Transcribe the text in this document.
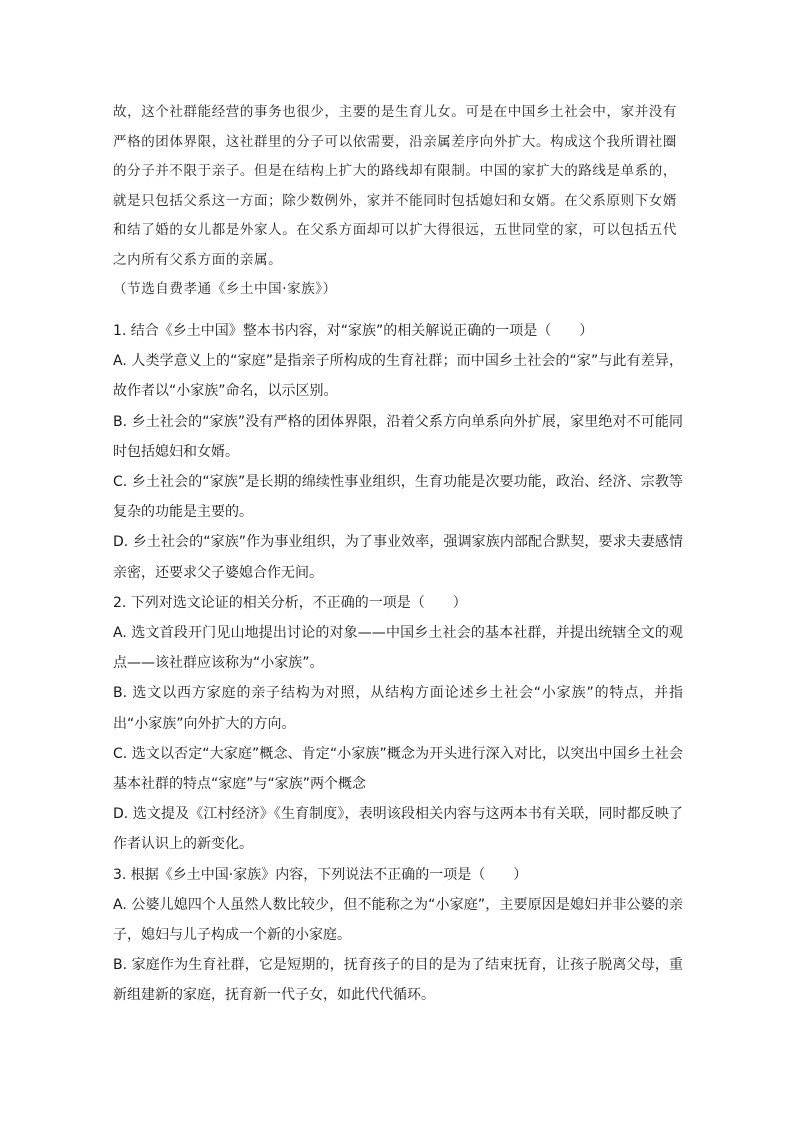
故，这个社群能经营的事务也很少，主要的是生育儿女。可是在中国乡土社会中，家并没有

严格的团体界限，这社群里的分子可以依需要，沿亲属差序向外扩大。构成这个我所谓社圈

的分子并不限于亲子。但是在结构上扩大的路线却有限制。中国的家扩大的路线是单系的，

就是只包括父系这一方面；除少数例外，家并不能同时包括媳妇和女婿。在父系原则下女婿

和结了婚的女儿都是外家人。在父系方面却可以扩大得很远，五世同堂的家，可以包括五代

之内所有父系方面的亲属。

（节选自费孝通《乡土中国·家族》）

1. 结合《乡土中国》整本书内容，对“家族”的相关解说正确的一项是（　　）

A. 人类学意义上的“家庭”是指亲子所构成的生育社群；而中国乡土社会的“家”与此有差异，故作者以“小家族”命名，以示区别。

B. 乡土社会的“家族”没有严格的团体界限，沿着父系方向单系向外扩展，家里绝对不可能同时包括媳妇和女婿。

C. 乡土社会的“家族”是长期的绵续性事业组织，生育功能是次要功能，政治、经济、宗教等复杂的功能是主要的。

D. 乡土社会的“家族”作为事业组织，为了事业效率，强调家族内部配合默契，要求夫妻感情亲密，还要求父子婆媳合作无间。

2. 下列对选文论证的相关分析，不正确的一项是（　　）

A. 选文首段开门见山地提出讨论的对象——中国乡土社会的基本社群，并提出统辖全文的观点——该社群应该称为“小家族”。

B. 选文以西方家庭的亲子结构为对照，从结构方面论述乡土社会“小家族”的特点，并指出“小家族”向外扩大的方向。

C. 选文以否定“大家庭”概念、肯定“小家族”概念为开头进行深入对比，以突出中国乡土社会基本社群的特点“家庭”与“家族”两个概念

D. 选文提及《江村经济》《生育制度》，表明该段相关内容与这两本书有关联，同时都反映了作者认识上的新变化。

3. 根据《乡土中国·家族》内容，下列说法不正确的一项是（　　）

A. 公婆儿媳四个人虽然人数比较少，但不能称之为“小家庭”，主要原因是媳妇并非公婆的亲子，媳妇与儿子构成一个新的小家庭。

B. 家庭作为生育社群，它是短期的，抚育孩子的目的是为了结束抚育，让孩子脱离父母，重新组建新的家庭，抚育新一代子女，如此代代循环。
